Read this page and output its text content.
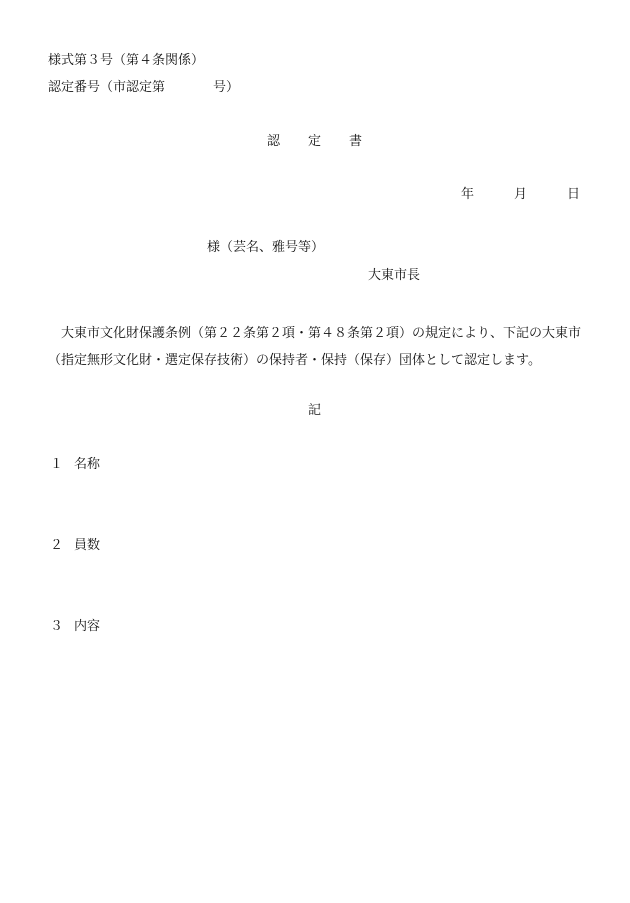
様式第３号（第４条関係）
認定番号（市認定第	号）
認 定 書
年	月	日
様（芸名、雅号等）
大東市長
大東市文化財保護条例（第２２条第２項・第４８条第２項）の規定により、下記の大東市（指定無形文化財・選定保存技術）の保持者・保持（保存）団体として認定します。
記
１ 名称
２ 員数
３ 内容
